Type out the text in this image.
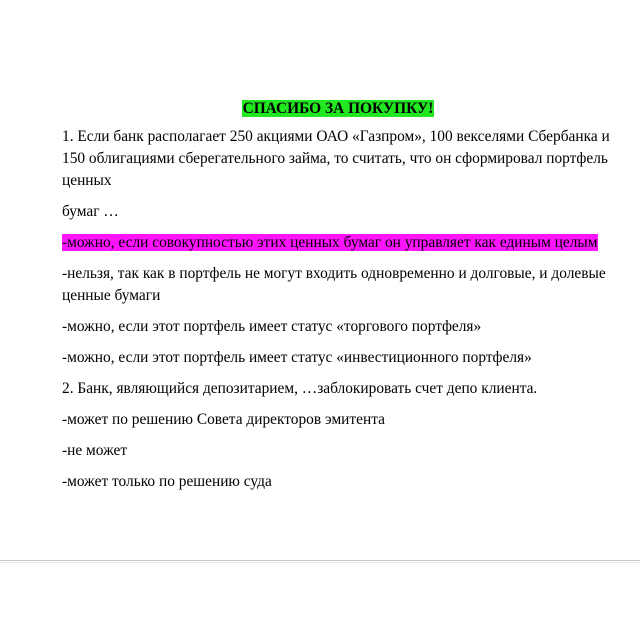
СПАСИБО ЗА ПОКУПКУ!

1. Если банк располагает 250 акциями ОАО «Газпром», 100 векселями Сбербанка и 150 облигациями сберегательного займа, то считать, что он сформировал портфель ценных

бумаг …

-можно, если совокупностью этих ценных бумаг он управляет как единым целым

-нельзя, так как в портфель не могут входить одновременно и долговые, и долевые ценные бумаги

-можно, если этот портфель имеет статус «торгового портфеля»

-можно, если этот портфель имеет статус «инвестиционного портфеля»

2. Банк, являющийся депозитарием, …заблокировать счет депо клиента.

-может по решению Совета директоров эмитента

-не может

-может только по решению суда
